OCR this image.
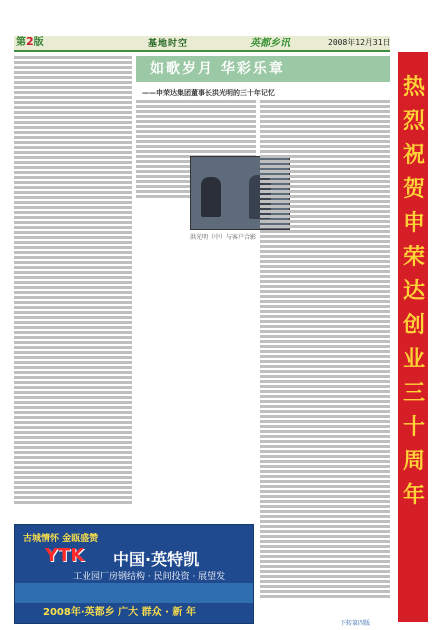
第2版	基地时空	英都乡讯	2008年12月31日
如歌岁月 华彩乐章
——申荣达集团董事长洪光明的三十年记忆
洪光明（中）与客户合影
热烈祝贺申荣达创业三十周年
古城情怀 金瓯盛赞
YTK 中国·英特凯
工业园厂房钢结构 · 民间投资 · 展望发
2008年·英都乡 广大 群众 · 新 年
下转第四版
